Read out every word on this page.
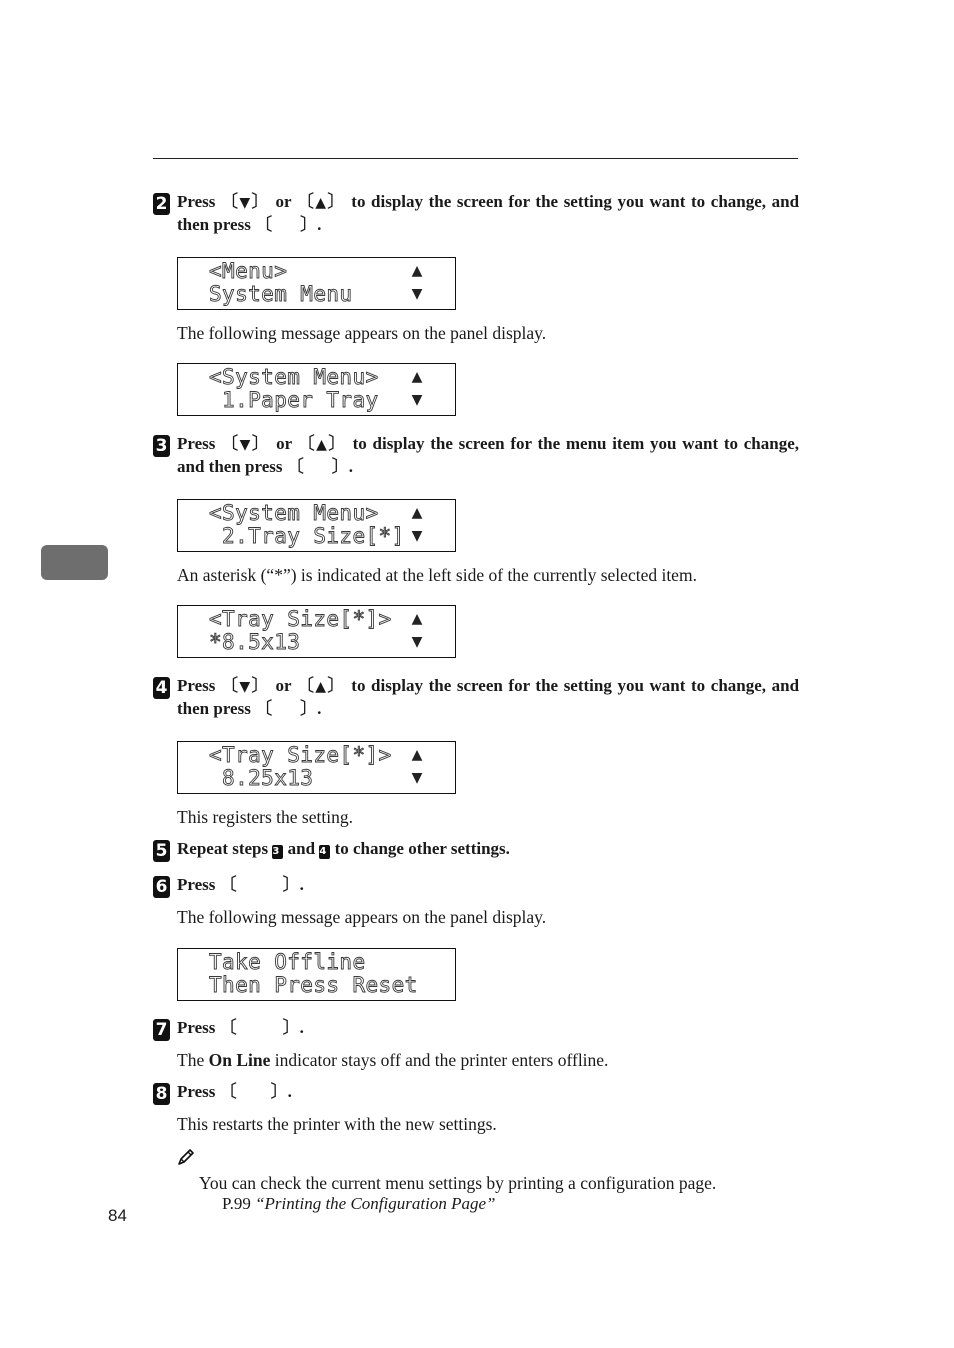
2 Press 〔▼〕 or 〔▲〕 to display the screen for the setting you want to change, and then press 〔 〕.
<Menu>
System Menu
▲
▼
The following message appears on the panel display.
<System Menu>
1.Paper Tray
▲
▼
3 Press 〔▼〕 or 〔▲〕 to display the screen for the menu item you want to change, and then press 〔 〕.
<System Menu>
2.Tray Size[*]
▲
▼
An asterisk (“*”) is indicated at the left side of the currently selected item.
<Tray Size[*]>
*8.5x13
▲
▼
4 Press 〔▼〕 or 〔▲〕 to display the screen for the setting you want to change, and then press 〔 〕.
<Tray Size[*]>
8.25x13
▲
▼
This registers the setting.
5 Repeat steps 3 and 4 to change other settings.
6 Press 〔	〕.
The following message appears on the panel display.
Take Offline
Then Press Reset
7 Press 〔	〕.
The On Line indicator stays off and the printer enters offline.
8 Press 〔 〕.
This restarts the printer with the new settings.
You can check the current menu settings by printing a configuration page.
P.99 “Printing the Configuration Page”
84
